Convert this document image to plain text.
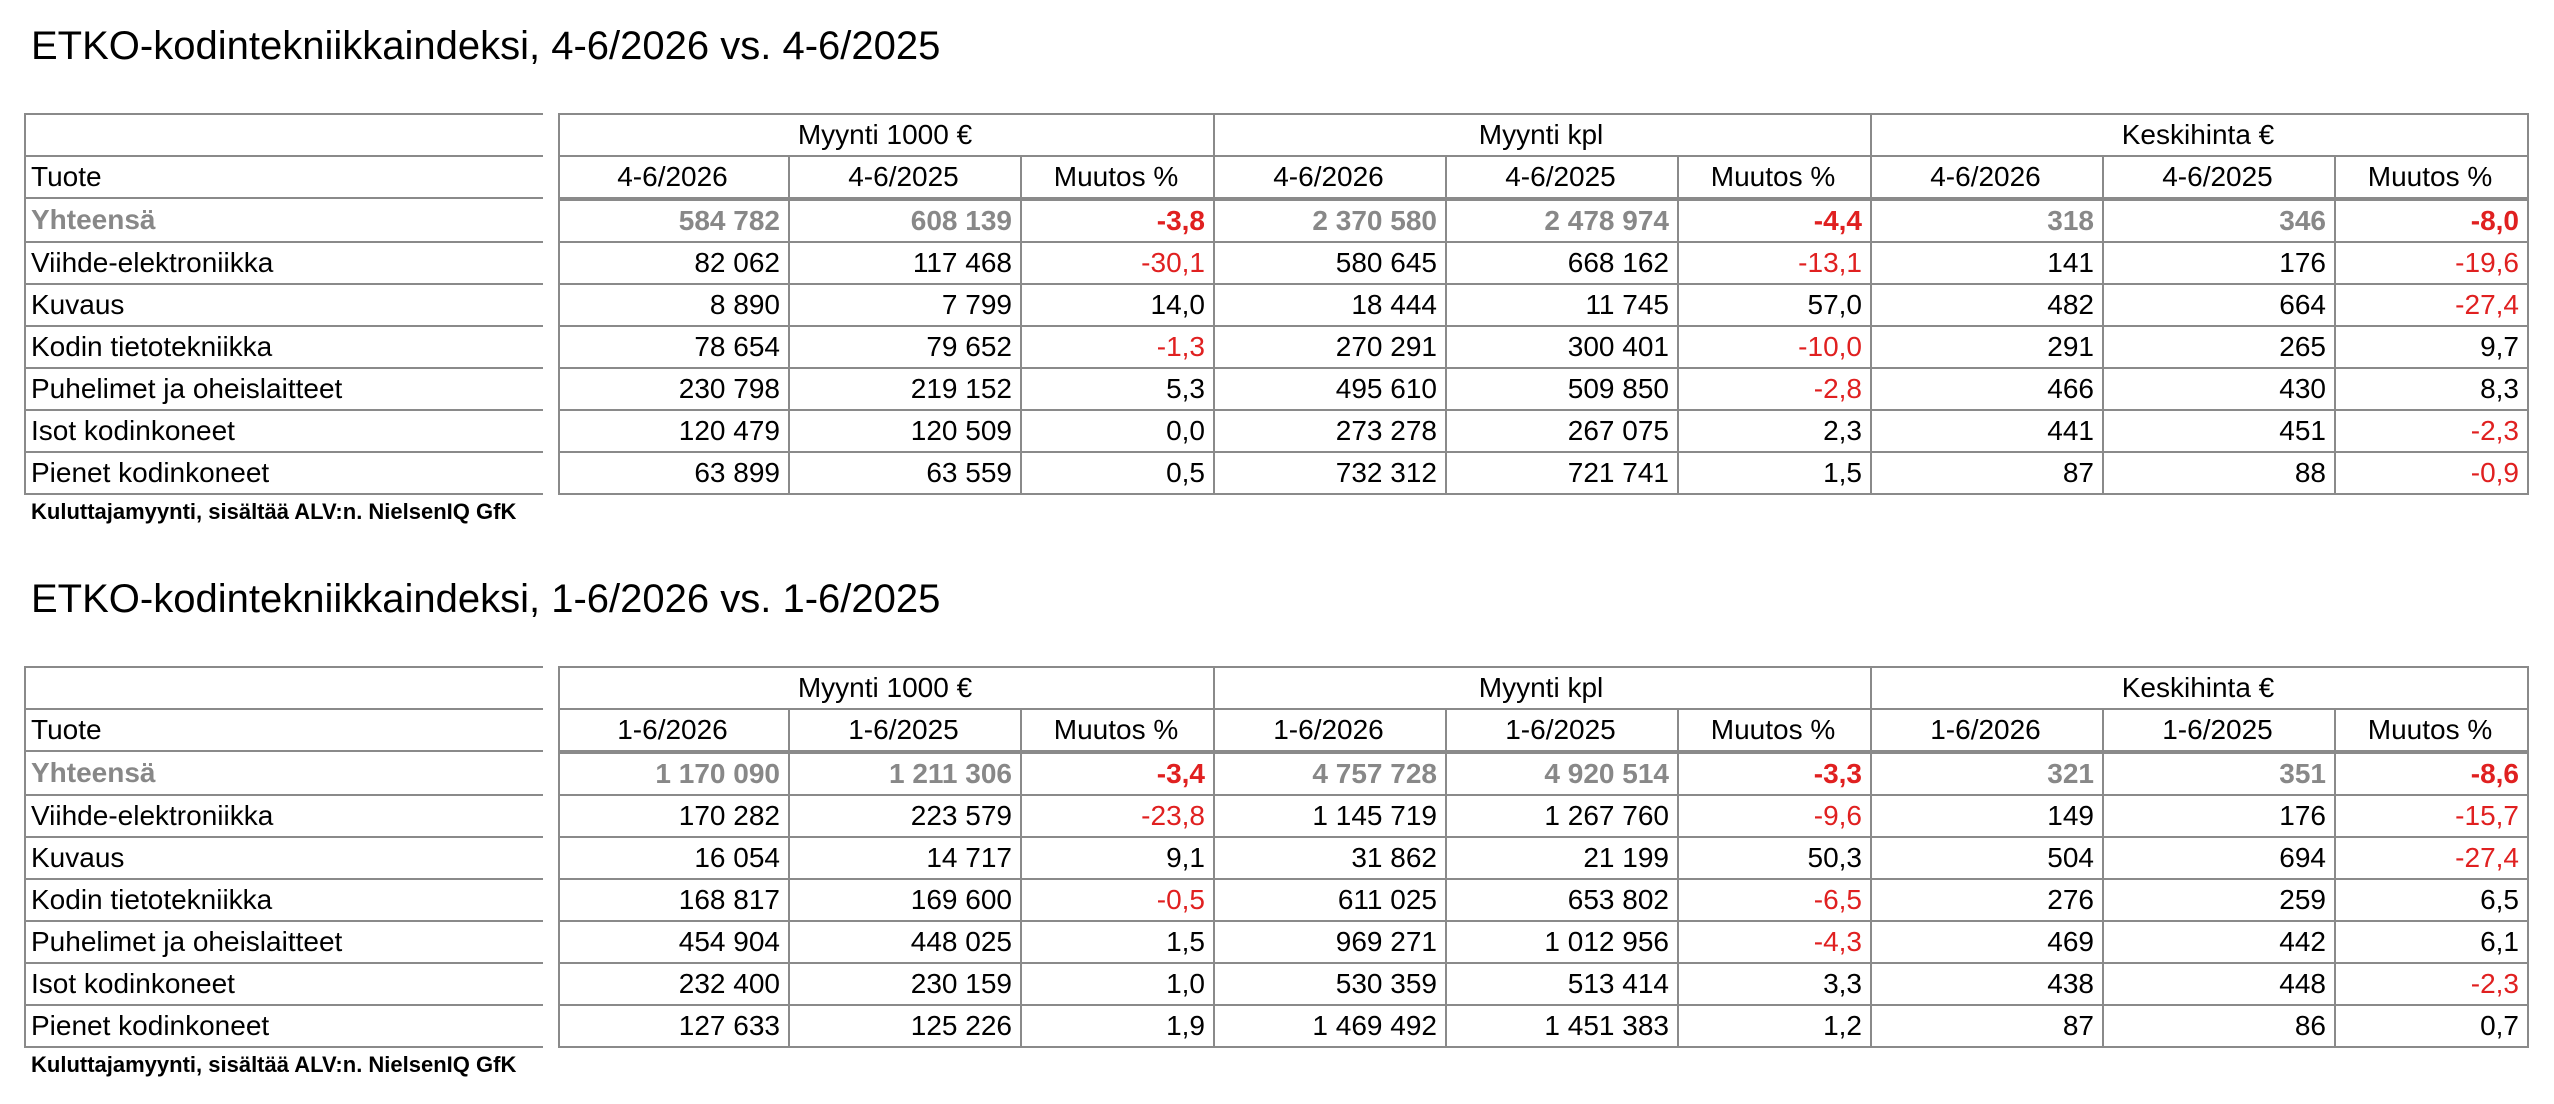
ETKO-kodintekniikkaindeksi, 4-6/2026 vs. 4-6/2025
		Myynti 1000 €			Myynti kpl			Keskihinta €		
Tuote		4-6/2026	4-6/2025	Muutos %	4-6/2026	4-6/2025	Muutos %	4-6/2026	4-6/2025	Muutos %
Yhteensä		584 782	608 139	-3,8	2 370 580	2 478 974	-4,4	318	346	-8,0
Viihde-elektroniikka		82 062	117 468	-30,1	580 645	668 162	-13,1	141	176	-19,6
Kuvaus		8 890	7 799	14,0	18 444	11 745	57,0	482	664	-27,4
Kodin tietotekniikka		78 654	79 652	-1,3	270 291	300 401	-10,0	291	265	9,7
Puhelimet ja oheislaitteet		230 798	219 152	5,3	495 610	509 850	-2,8	466	430	8,3
Isot kodinkoneet		120 479	120 509	0,0	273 278	267 075	2,3	441	451	-2,3
Pienet kodinkoneet		63 899	63 559	0,5	732 312	721 741	1,5	87	88	-0,9
Kuluttajamyynti, sisältää ALV:n. NielsenIQ GfK
ETKO-kodintekniikkaindeksi, 1-6/2026 vs. 1-6/2025
		Myynti 1000 €			Myynti kpl			Keskihinta €		
Tuote		1-6/2026	1-6/2025	Muutos %	1-6/2026	1-6/2025	Muutos %	1-6/2026	1-6/2025	Muutos %
Yhteensä		1 170 090	1 211 306	-3,4	4 757 728	4 920 514	-3,3	321	351	-8,6
Viihde-elektroniikka		170 282	223 579	-23,8	1 145 719	1 267 760	-9,6	149	176	-15,7
Kuvaus		16 054	14 717	9,1	31 862	21 199	50,3	504	694	-27,4
Kodin tietotekniikka		168 817	169 600	-0,5	611 025	653 802	-6,5	276	259	6,5
Puhelimet ja oheislaitteet		454 904	448 025	1,5	969 271	1 012 956	-4,3	469	442	6,1
Isot kodinkoneet		232 400	230 159	1,0	530 359	513 414	3,3	438	448	-2,3
Pienet kodinkoneet		127 633	125 226	1,9	1 469 492	1 451 383	1,2	87	86	0,7
Kuluttajamyynti, sisältää ALV:n. NielsenIQ GfK
